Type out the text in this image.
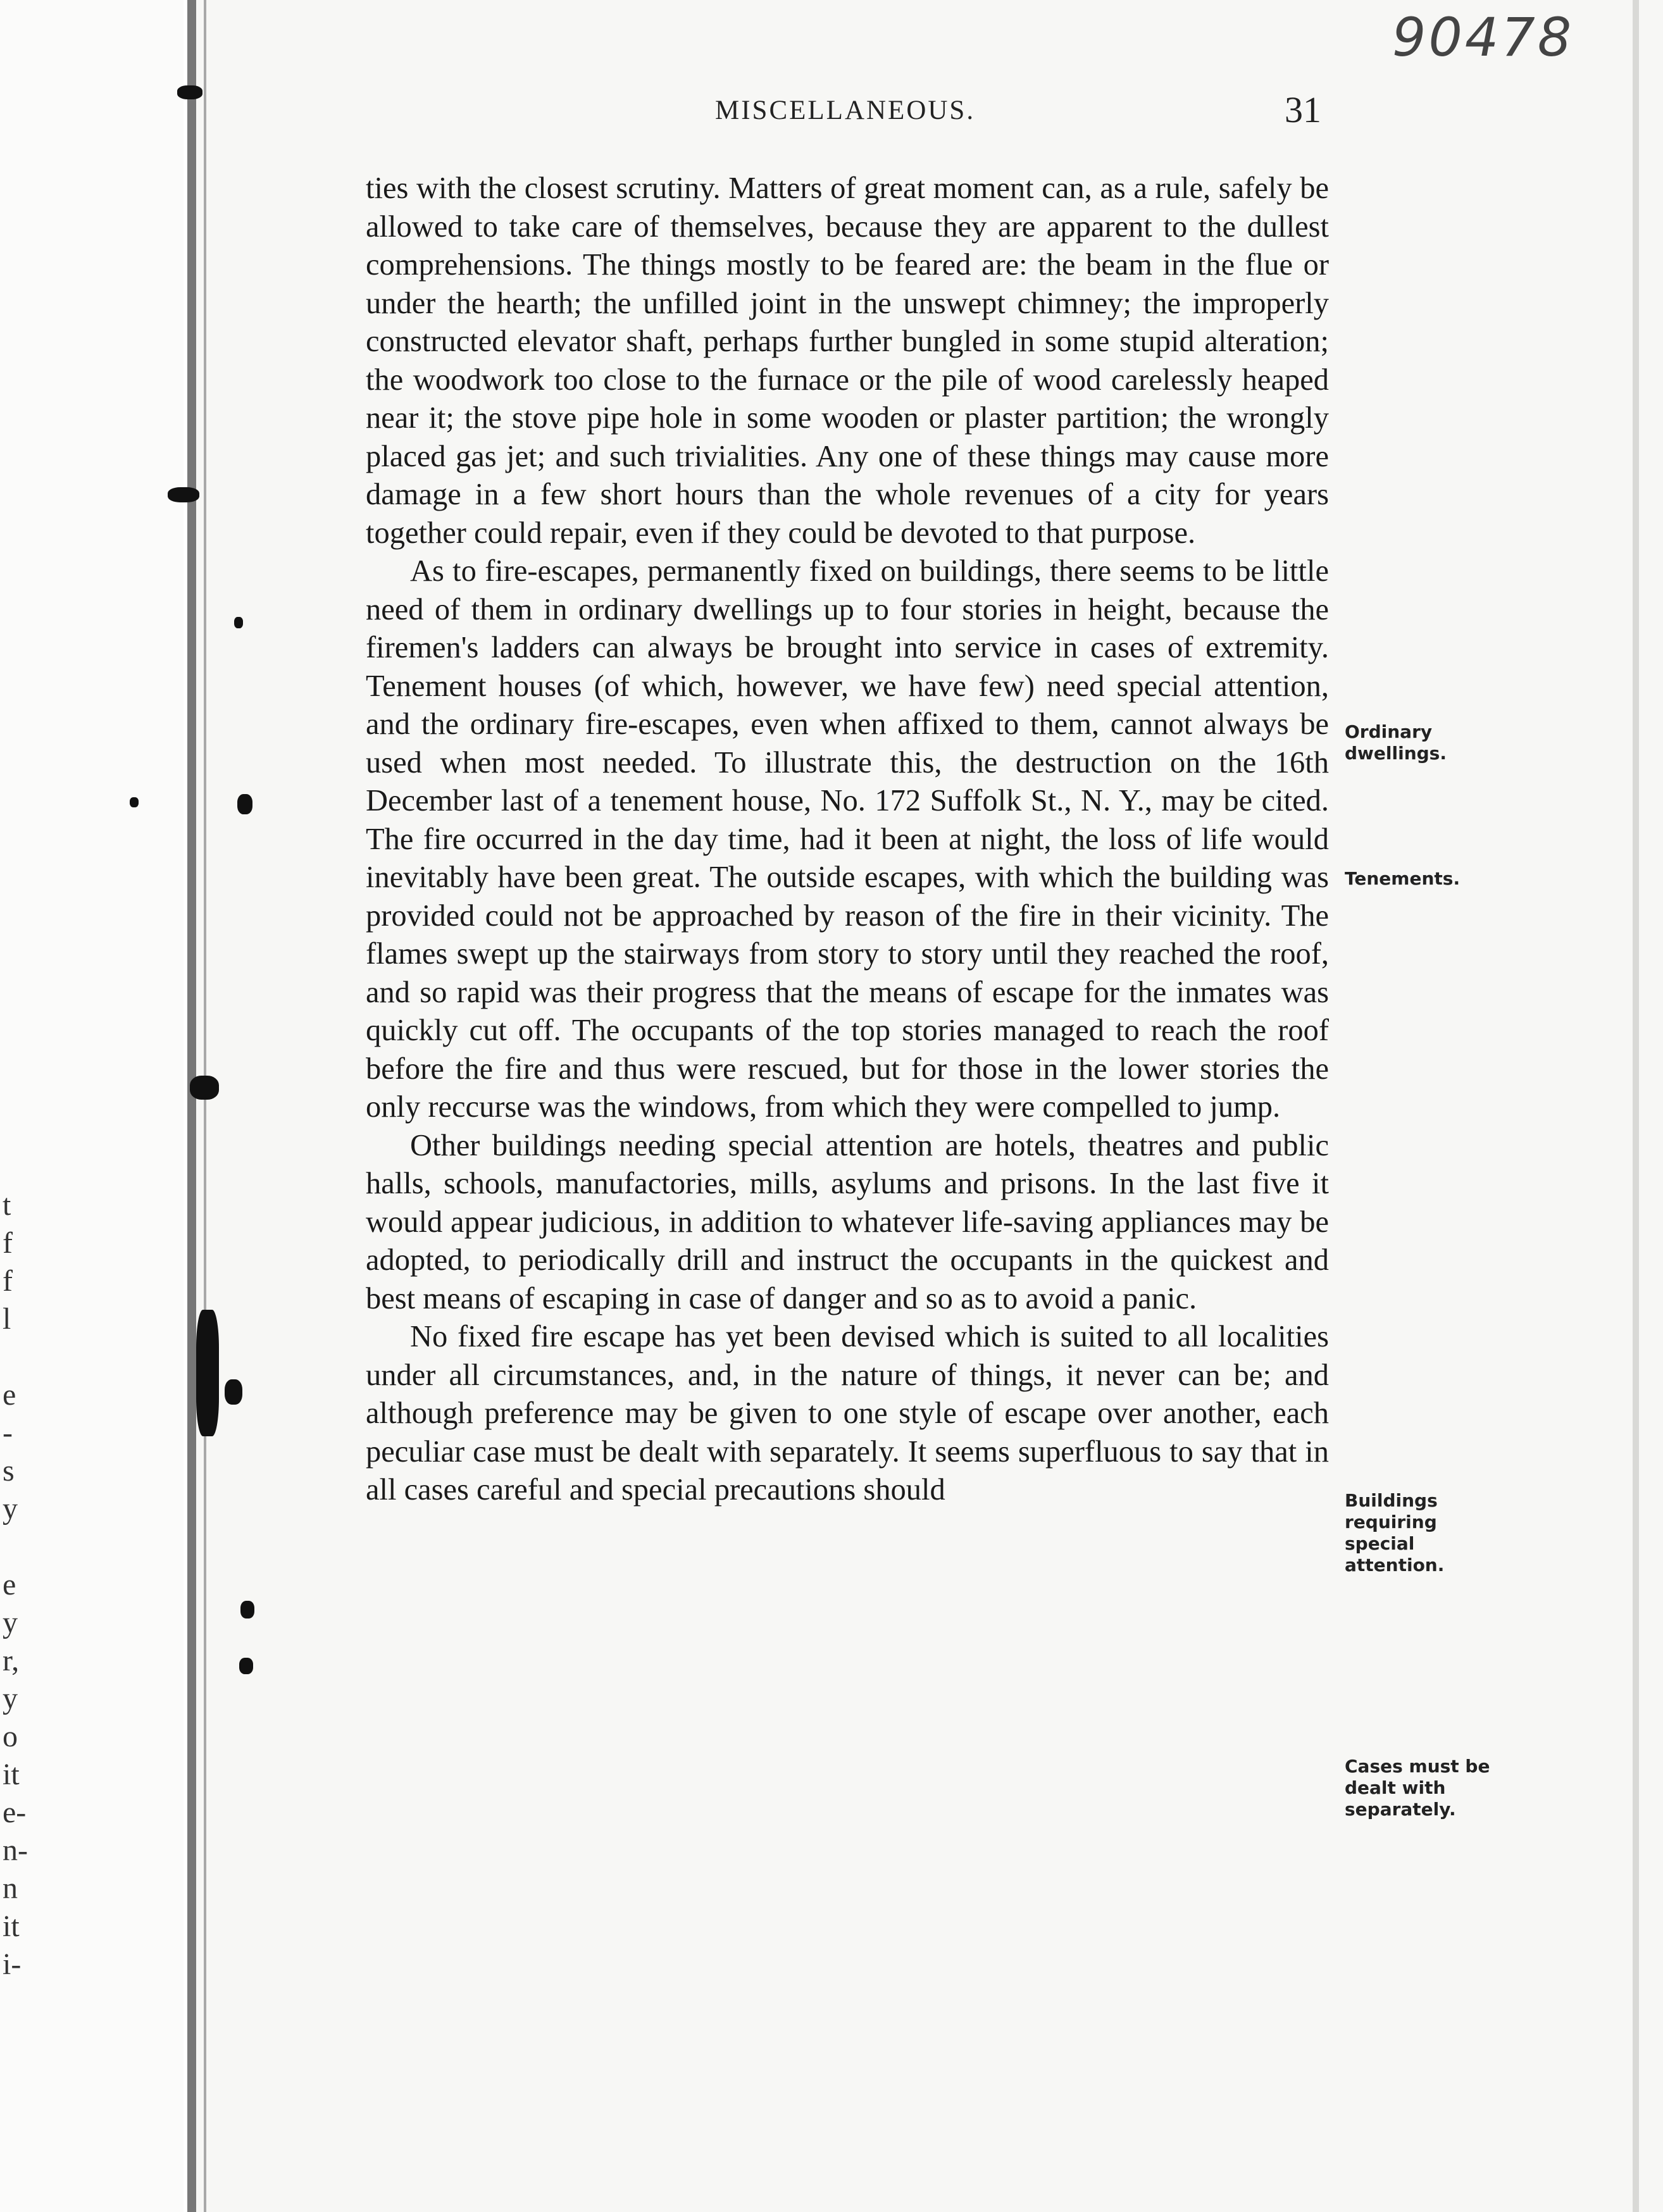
t
f
f
l
e
-
s
y
e
y
r,
y
o
it
e-
n-
n
it
i-
90478
MISCELLANEOUS.	31

ties with the closest scrutiny. Matters of great moment can, as a rule, safely be allowed to take care of themselves, because they are apparent to the dullest comprehensions. The things mostly to be feared are: the beam in the flue or under the hearth; the unfilled joint in the unswept chimney; the improperly constructed elevator shaft, perhaps further bungled in some stupid alteration; the woodwork too close to the furnace or the pile of wood carelessly heaped near it; the stove pipe hole in some wooden or plaster partition; the wrongly placed gas jet; and such trivialities. Any one of these things may cause more damage in a few short hours than the whole revenues of a city for years together could repair, even if they could be devoted to that purpose.

As to fire-escapes, permanently fixed on buildings, there seems to be little need of them in ordinary dwellings up to four stories in height, because the firemen's ladders can always be brought into service in cases of extremity. Tenement houses (of which, however, we have few) need special attention, and the ordinary fire-escapes, even when affixed to them, cannot always be used when most needed. To illustrate this, the destruction on the 16th December last of a tenement house, No. 172 Suffolk St., N. Y., may be cited. The fire occurred in the day time, had it been at night, the loss of life would inevitably have been great. The outside escapes, with which the building was provided could not be approached by reason of the fire in their vicinity. The flames swept up the stairways from story to story until they reached the roof, and so rapid was their progress that the means of escape for the inmates was quickly cut off. The occupants of the top stories managed to reach the roof before the fire and thus were rescued, but for those in the lower stories the only reccurse was the windows, from which they were compelled to jump.

Other buildings needing special attention are hotels, theatres and public halls, schools, manufactories, mills, asylums and prisons. In the last five it would appear judicious, in addition to whatever life-saving appliances may be adopted, to periodically drill and instruct the occupants in the quickest and best means of escaping in case of danger and so as to avoid a panic.

No fixed fire escape has yet been devised which is suited to all localities under all circumstances, and, in the nature of things, it never can be; and although preference may be given to one style of escape over another, each peculiar case must be dealt with separately. It seems superfluous to say that in all cases careful and special precautions should

Ordinary dwellings.
Tenements.
Buildings requiring special attention.
Cases must be dealt with separately.
